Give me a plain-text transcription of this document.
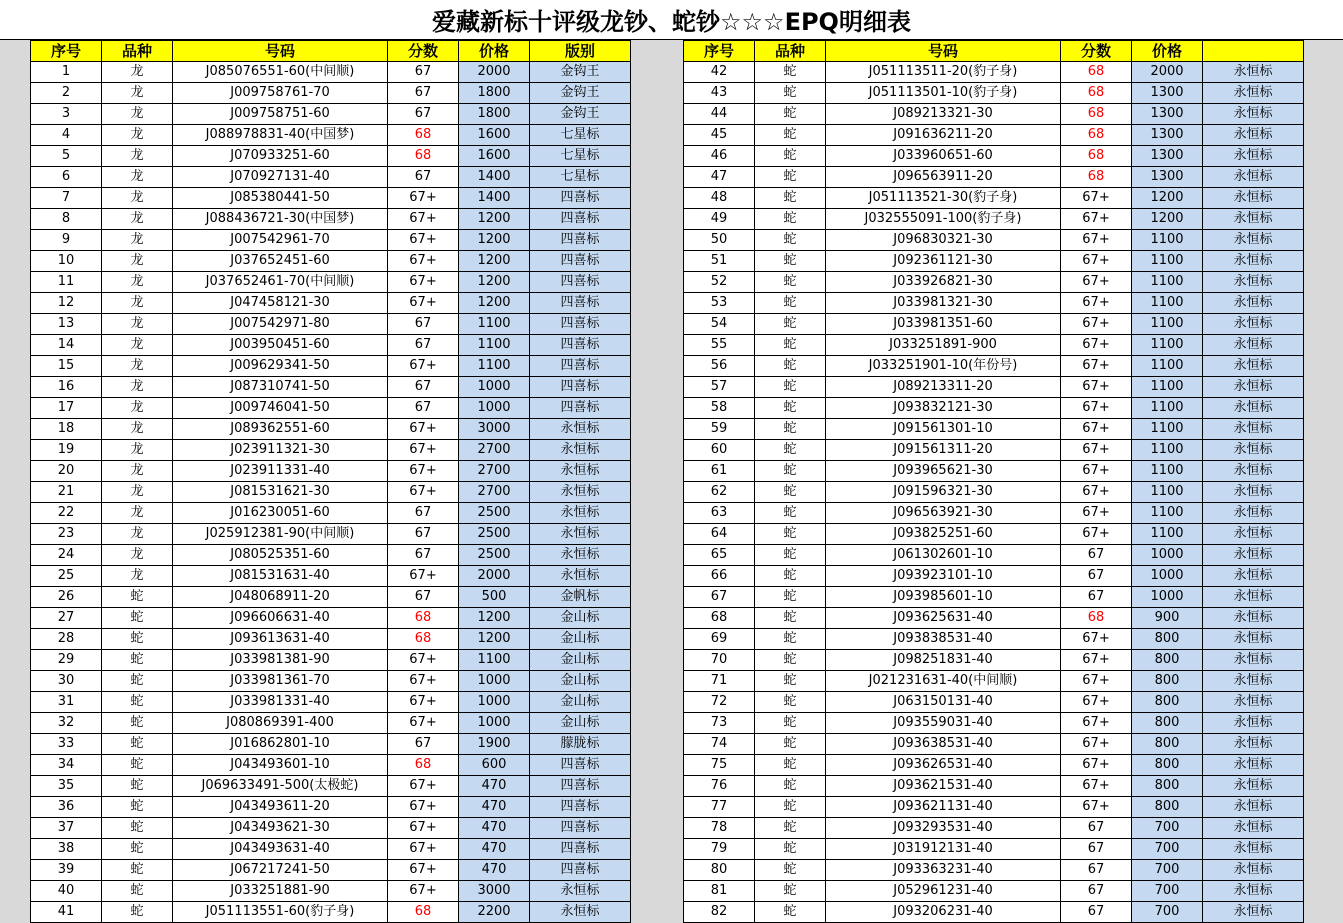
爱藏新标十评级龙钞、蛇钞☆☆☆EPQ明细表
序号	品种	号码	分数	价格	版别
1	龙	J085076551-60(中间顺)	67	2000	金钩王
2	龙	J009758761-70	67	1800	金钩王
3	龙	J009758751-60	67	1800	金钩王
4	龙	J088978831-40(中国梦)	68	1600	七星标
5	龙	J070933251-60	68	1600	七星标
6	龙	J070927131-40	67	1400	七星标
7	龙	J085380441-50	67+	1400	四喜标
8	龙	J088436721-30(中国梦)	67+	1200	四喜标
9	龙	J007542961-70	67+	1200	四喜标
10	龙	J037652451-60	67+	1200	四喜标
11	龙	J037652461-70(中间顺)	67+	1200	四喜标
12	龙	J047458121-30	67+	1200	四喜标
13	龙	J007542971-80	67	1100	四喜标
14	龙	J003950451-60	67	1100	四喜标
15	龙	J009629341-50	67+	1100	四喜标
16	龙	J087310741-50	67	1000	四喜标
17	龙	J009746041-50	67	1000	四喜标
18	龙	J089362551-60	67+	3000	永恒标
19	龙	J023911321-30	67+	2700	永恒标
20	龙	J023911331-40	67+	2700	永恒标
21	龙	J081531621-30	67+	2700	永恒标
22	龙	J016230051-60	67	2500	永恒标
23	龙	J025912381-90(中间顺)	67	2500	永恒标
24	龙	J080525351-60	67	2500	永恒标
25	龙	J081531631-40	67+	2000	永恒标
26	蛇	J048068911-20	67	500	金帆标
27	蛇	J096606631-40	68	1200	金山标
28	蛇	J093613631-40	68	1200	金山标
29	蛇	J033981381-90	67+	1100	金山标
30	蛇	J033981361-70	67+	1000	金山标
31	蛇	J033981331-40	67+	1000	金山标
32	蛇	J080869391-400	67+	1000	金山标
33	蛇	J016862801-10	67	1900	朦胧标
34	蛇	J043493601-10	68	600	四喜标
35	蛇	J069633491-500(太极蛇)	67+	470	四喜标
36	蛇	J043493611-20	67+	470	四喜标
37	蛇	J043493621-30	67+	470	四喜标
38	蛇	J043493631-40	67+	470	四喜标
39	蛇	J067217241-50	67+	470	四喜标
40	蛇	J033251881-90	67+	3000	永恒标
41	蛇	J051113551-60(豹子身)	68	2200	永恒标
序号	品种	号码	分数	价格	
42	蛇	J051113511-20(豹子身)	68	2000	永恒标
43	蛇	J051113501-10(豹子身)	68	1300	永恒标
44	蛇	J089213321-30	68	1300	永恒标
45	蛇	J091636211-20	68	1300	永恒标
46	蛇	J033960651-60	68	1300	永恒标
47	蛇	J096563911-20	68	1300	永恒标
48	蛇	J051113521-30(豹子身)	67+	1200	永恒标
49	蛇	J032555091-100(豹子身)	67+	1200	永恒标
50	蛇	J096830321-30	67+	1100	永恒标
51	蛇	J092361121-30	67+	1100	永恒标
52	蛇	J033926821-30	67+	1100	永恒标
53	蛇	J033981321-30	67+	1100	永恒标
54	蛇	J033981351-60	67+	1100	永恒标
55	蛇	J033251891-900	67+	1100	永恒标
56	蛇	J033251901-10(年份号)	67+	1100	永恒标
57	蛇	J089213311-20	67+	1100	永恒标
58	蛇	J093832121-30	67+	1100	永恒标
59	蛇	J091561301-10	67+	1100	永恒标
60	蛇	J091561311-20	67+	1100	永恒标
61	蛇	J093965621-30	67+	1100	永恒标
62	蛇	J091596321-30	67+	1100	永恒标
63	蛇	J096563921-30	67+	1100	永恒标
64	蛇	J093825251-60	67+	1100	永恒标
65	蛇	J061302601-10	67	1000	永恒标
66	蛇	J093923101-10	67	1000	永恒标
67	蛇	J093985601-10	67	1000	永恒标
68	蛇	J093625631-40	68	900	永恒标
69	蛇	J093838531-40	67+	800	永恒标
70	蛇	J098251831-40	67+	800	永恒标
71	蛇	J021231631-40(中间顺)	67+	800	永恒标
72	蛇	J063150131-40	67+	800	永恒标
73	蛇	J093559031-40	67+	800	永恒标
74	蛇	J093638531-40	67+	800	永恒标
75	蛇	J093626531-40	67+	800	永恒标
76	蛇	J093621531-40	67+	800	永恒标
77	蛇	J093621131-40	67+	800	永恒标
78	蛇	J093293531-40	67	700	永恒标
79	蛇	J031912131-40	67	700	永恒标
80	蛇	J093363231-40	67	700	永恒标
81	蛇	J052961231-40	67	700	永恒标
82	蛇	J093206231-40	67	700	永恒标
